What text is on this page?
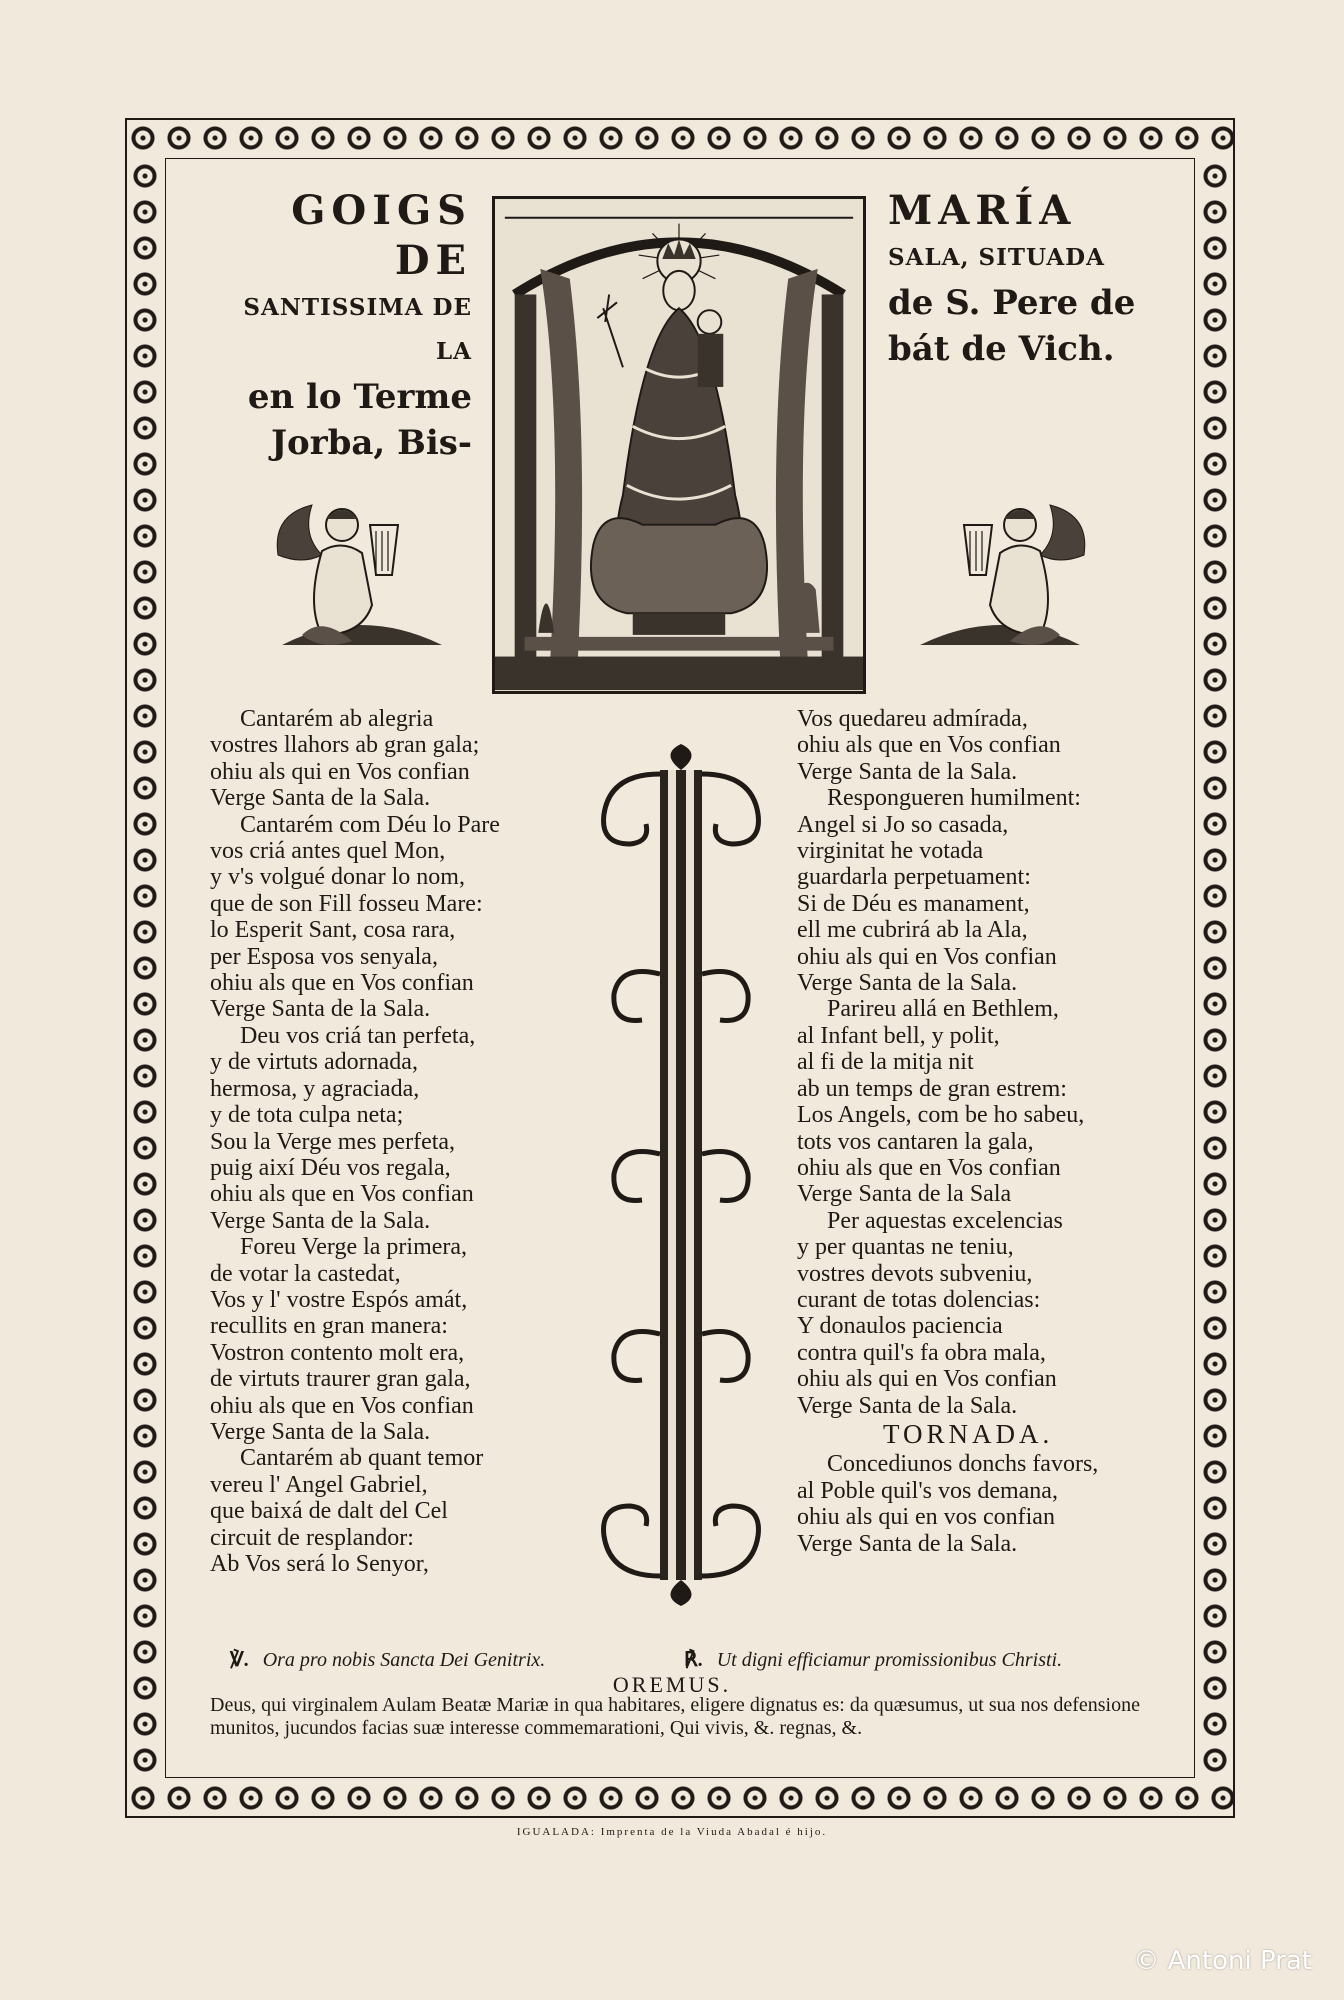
GOIGS DE
SANTISSIMA DE LA
en lo Terme
Jorba, Bis-
MARÍA
SALA, SITUADA
de S. Pere de
bát de Vich.
Cantarém ab alegria
vostres llahors ab gran gala;
ohiu als qui en Vos confian
Verge Santa de la Sala.
Cantarém com Déu lo Pare
vos criá antes quel Mon,
y v's volgué donar lo nom,
que de son Fill fosseu Mare:
lo Esperit Sant, cosa rara,
per Esposa vos senyala,
ohiu als que en Vos confian
Verge Santa de la Sala.
Deu vos criá tan perfeta,
y de virtuts adornada,
hermosa, y agraciada,
y de tota culpa neta;
Sou la Verge mes perfeta,
puig així Déu vos regala,
ohiu als que en Vos confian
Verge Santa de la Sala.
Foreu Verge la primera,
de votar la castedat,
Vos y l' vostre Espós amát,
recullits en gran manera:
Vostron contento molt era,
de virtuts traurer gran gala,
ohiu als que en Vos confian
Verge Santa de la Sala.
Cantarém ab quant temor
vereu l' Angel Gabriel,
que baixá de dalt del Cel
circuit de resplandor:
Ab Vos será lo Senyor,
Vos quedareu admírada,
ohiu als que en Vos confian
Verge Santa de la Sala.
Respongueren humilment:
Angel si Jo so casada,
virginitat he votada
guardarla perpetuament:
Si de Déu es manament,
ell me cubrirá ab la Ala,
ohiu als qui en Vos confian
Verge Santa de la Sala.
Parireu allá en Bethlem,
al Infant bell, y polit,
al fi de la mitja nit
ab un temps de gran estrem:
Los Angels, com be ho sabeu,
tots vos cantaren la gala,
ohiu als que en Vos confian
Verge Santa de la Sala
Per aquestas excelencias
y per quantas ne teniu,
vostres devots subveniu,
curant de totas dolencias:
Y donaulos paciencia
contra quil's fa obra mala,
ohiu als qui en Vos confian
Verge Santa de la Sala.
TORNADA.
Concediunos donchs favors,
al Poble quil's vos demana,
ohiu als qui en vos confian
Verge Santa de la Sala.
℣. Ora pro nobis Sancta Dei Genitrix.	℟. Ut digni efficiamur promissionibus Christi.
OREMUS.

Deus, qui virginalem Aulam Beatæ Mariæ in qua habitares, eligere dignatus es: da quæsumus, ut sua nos defensione munitos, jucundos facias suæ interesse commemarationi, Qui vivis, &. regnas, &.

IGUALADA: Imprenta de la Viuda Abadal é hijo.
© Antoni Prat
